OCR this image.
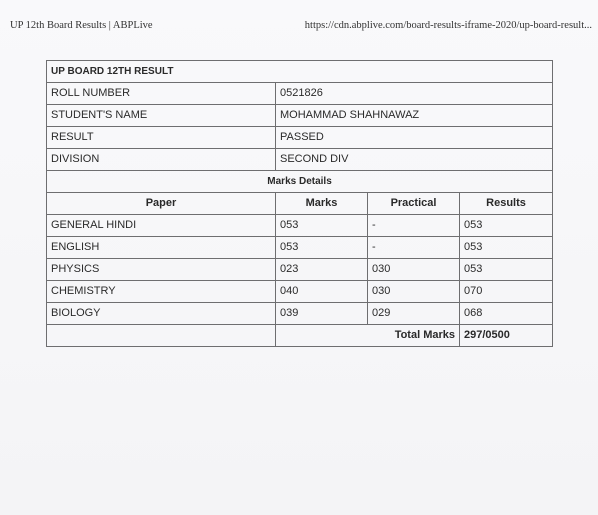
UP 12th Board Results | ABPLive	https://cdn.abplive.com/board-results-iframe-2020/up-board-result...
UP BOARD 12TH RESULT			
ROLL NUMBER	0521826		
STUDENT'S NAME	MOHAMMAD SHAHNAWAZ		
RESULT	PASSED		
DIVISION	SECOND DIV		
Marks Details			
Paper	Marks	Practical	Results
GENERAL HINDI	053	-	053
ENGLISH	053	-	053
PHYSICS	023	030	053
CHEMISTRY	040	030	070
BIOLOGY	039	029	068
	Total Marks		297/0500
